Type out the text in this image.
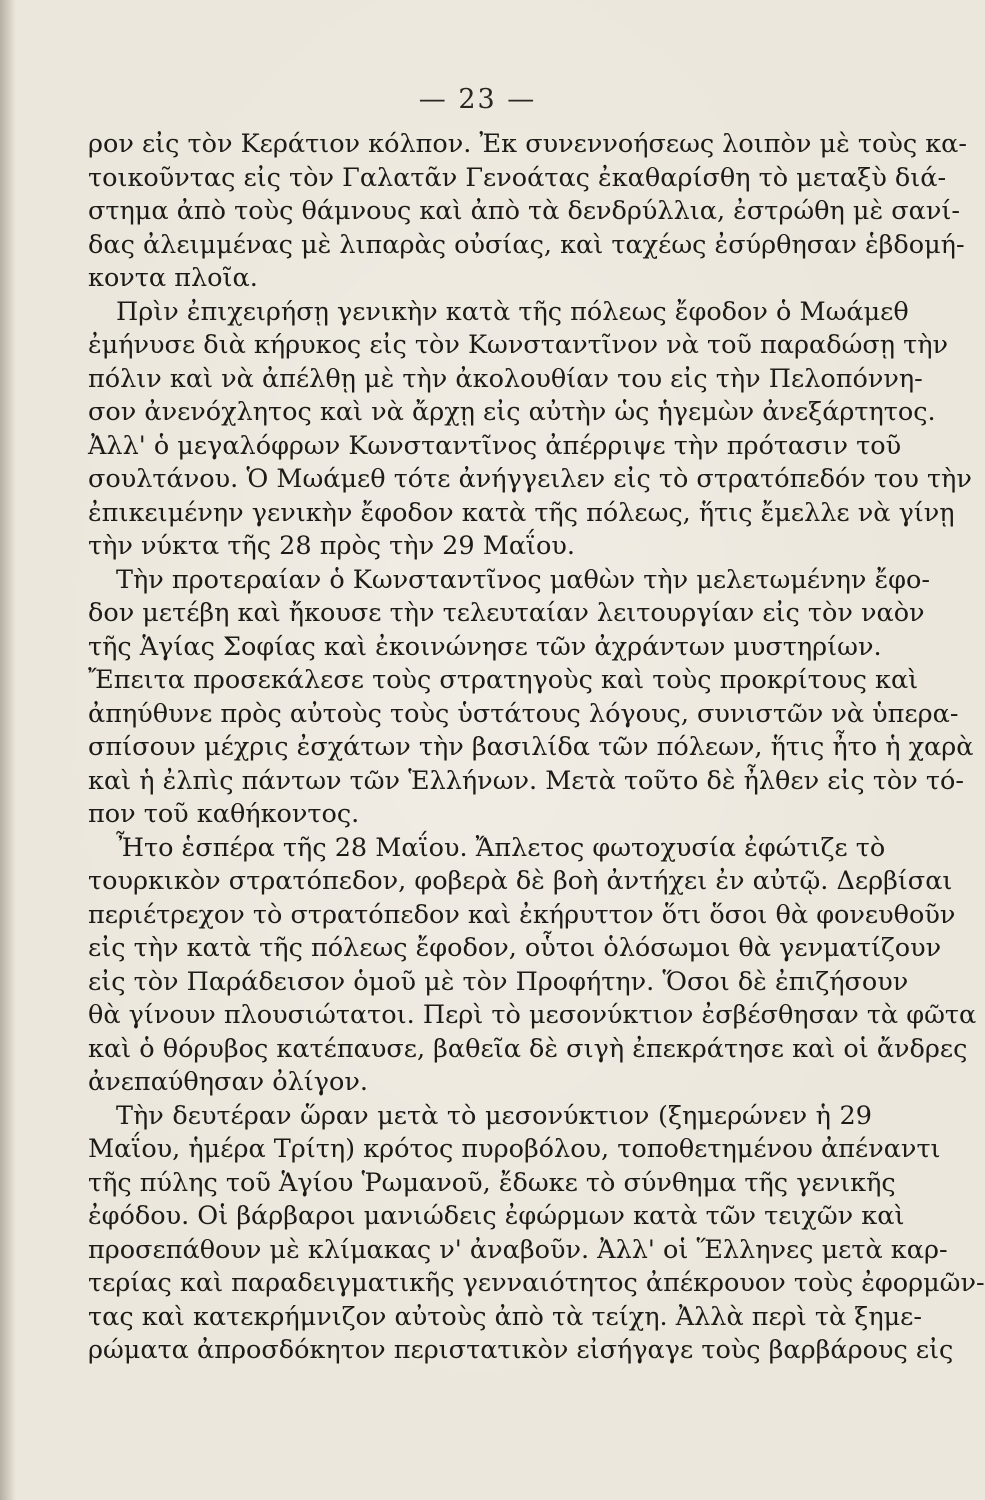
— 23 —
ρον εἰς τὸν Κεράτιον κόλπον. Ἐκ συνεννοήσεως λοιπὸν μὲ τοὺς κα-
τοικοῦντας εἰς τὸν Γαλατᾶν Γενοάτας ἐκαθαρίσθη τὸ μεταξὺ διά-
στημα ἀπὸ τοὺς θάμνους καὶ ἀπὸ τὰ δενδρύλλια, ἐστρώθη μὲ σανί-
δας ἀλειμμένας μὲ λιπαρὰς οὐσίας, καὶ ταχέως ἐσύρθησαν ἑβδομή-
κοντα πλοῖα.
Πρὶν ἐπιχειρήσῃ γενικὴν κατὰ τῆς πόλεως ἔφοδον ὁ Μωάμεθ
ἐμήνυσε διὰ κήρυκος εἰς τὸν Κωνσταντῖνον νὰ τοῦ παραδώσῃ τὴν
πόλιν καὶ νὰ ἀπέλθῃ μὲ τὴν ἀκολουθίαν του εἰς τὴν Πελοπόννη-
σον ἀνενόχλητος καὶ νὰ ἄρχῃ εἰς αὐτὴν ὡς ἡγεμὼν ἀνεξάρτητος.
Ἀλλ' ὁ μεγαλόφρων Κωνσταντῖνος ἀπέρριψε τὴν πρότασιν τοῦ
σουλτάνου. Ὁ Μωάμεθ τότε ἀνήγγειλεν εἰς τὸ στρατόπεδόν του τὴν
ἐπικειμένην γενικὴν ἔφοδον κατὰ τῆς πόλεως, ἥτις ἔμελλε νὰ γίνῃ
τὴν νύκτα τῆς 28 πρὸς τὴν 29 Μαΐου.
Τὴν προτεραίαν ὁ Κωνσταντῖνος μαθὼν τὴν μελετωμένην ἔφο-
δον μετέβη καὶ ἤκουσε τὴν τελευταίαν λειτουργίαν εἰς τὸν ναὸν
τῆς Ἁγίας Σοφίας καὶ ἐκοινώνησε τῶν ἀχράντων μυστηρίων.
Ἔπειτα προσεκάλεσε τοὺς στρατηγοὺς καὶ τοὺς προκρίτους καὶ
ἀπηύθυνε πρὸς αὐτοὺς τοὺς ὑστάτους λόγους, συνιστῶν νὰ ὑπερα-
σπίσουν μέχρις ἐσχάτων τὴν βασιλίδα τῶν πόλεων, ἥτις ἦτο ἡ χαρὰ
καὶ ἡ ἐλπὶς πάντων τῶν Ἑλλήνων. Μετὰ τοῦτο δὲ ἦλθεν εἰς τὸν τό-
πον τοῦ καθήκοντος.
Ἦτο ἑσπέρα τῆς 28 Μαΐου. Ἄπλετος φωτοχυσία ἐφώτιζε τὸ
τουρκικὸν στρατόπεδον, φοβερὰ δὲ βοὴ ἀντήχει ἐν αὐτῷ. Δερβίσαι
περιέτρεχον τὸ στρατόπεδον καὶ ἐκήρυττον ὅτι ὅσοι θὰ φονευθοῦν
εἰς τὴν κατὰ τῆς πόλεως ἔφοδον, οὗτοι ὁλόσωμοι θὰ γενματίζουν
εἰς τὸν Παράδεισον ὁμοῦ μὲ τὸν Προφήτην. Ὅσοι δὲ ἐπιζήσουν
θὰ γίνουν πλουσιώτατοι. Περὶ τὸ μεσονύκτιον ἐσβέσθησαν τὰ φῶτα
καὶ ὁ θόρυβος κατέπαυσε, βαθεῖα δὲ σιγὴ ἐπεκράτησε καὶ οἱ ἄνδρες
ἀνεπαύθησαν ὀλίγον.
Τὴν δευτέραν ὥραν μετὰ τὸ μεσονύκτιον (ξημερώνεν ἡ 29
Μαΐου, ἡμέρα Τρίτη) κρότος πυροβόλου, τοποθετημένου ἀπέναντι
τῆς πύλης τοῦ Ἁγίου Ῥωμανοῦ, ἔδωκε τὸ σύνθημα τῆς γενικῆς
ἐφόδου. Οἱ βάρβαροι μανιώδεις ἐφώρμων κατὰ τῶν τειχῶν καὶ
προσεπάθουν μὲ κλίμακας ν' ἀναβοῦν. Ἀλλ' οἱ Ἕλληνες μετὰ καρ-
τερίας καὶ παραδειγματικῆς γενναιότητος ἀπέκρουον τοὺς ἐφορμῶν-
τας καὶ κατεκρήμνιζον αὐτοὺς ἀπὸ τὰ τείχη. Ἀλλὰ περὶ τὰ ξημε-
ρώματα ἀπροσδόκητον περιστατικὸν εἰσήγαγε τοὺς βαρβάρους εἰς
